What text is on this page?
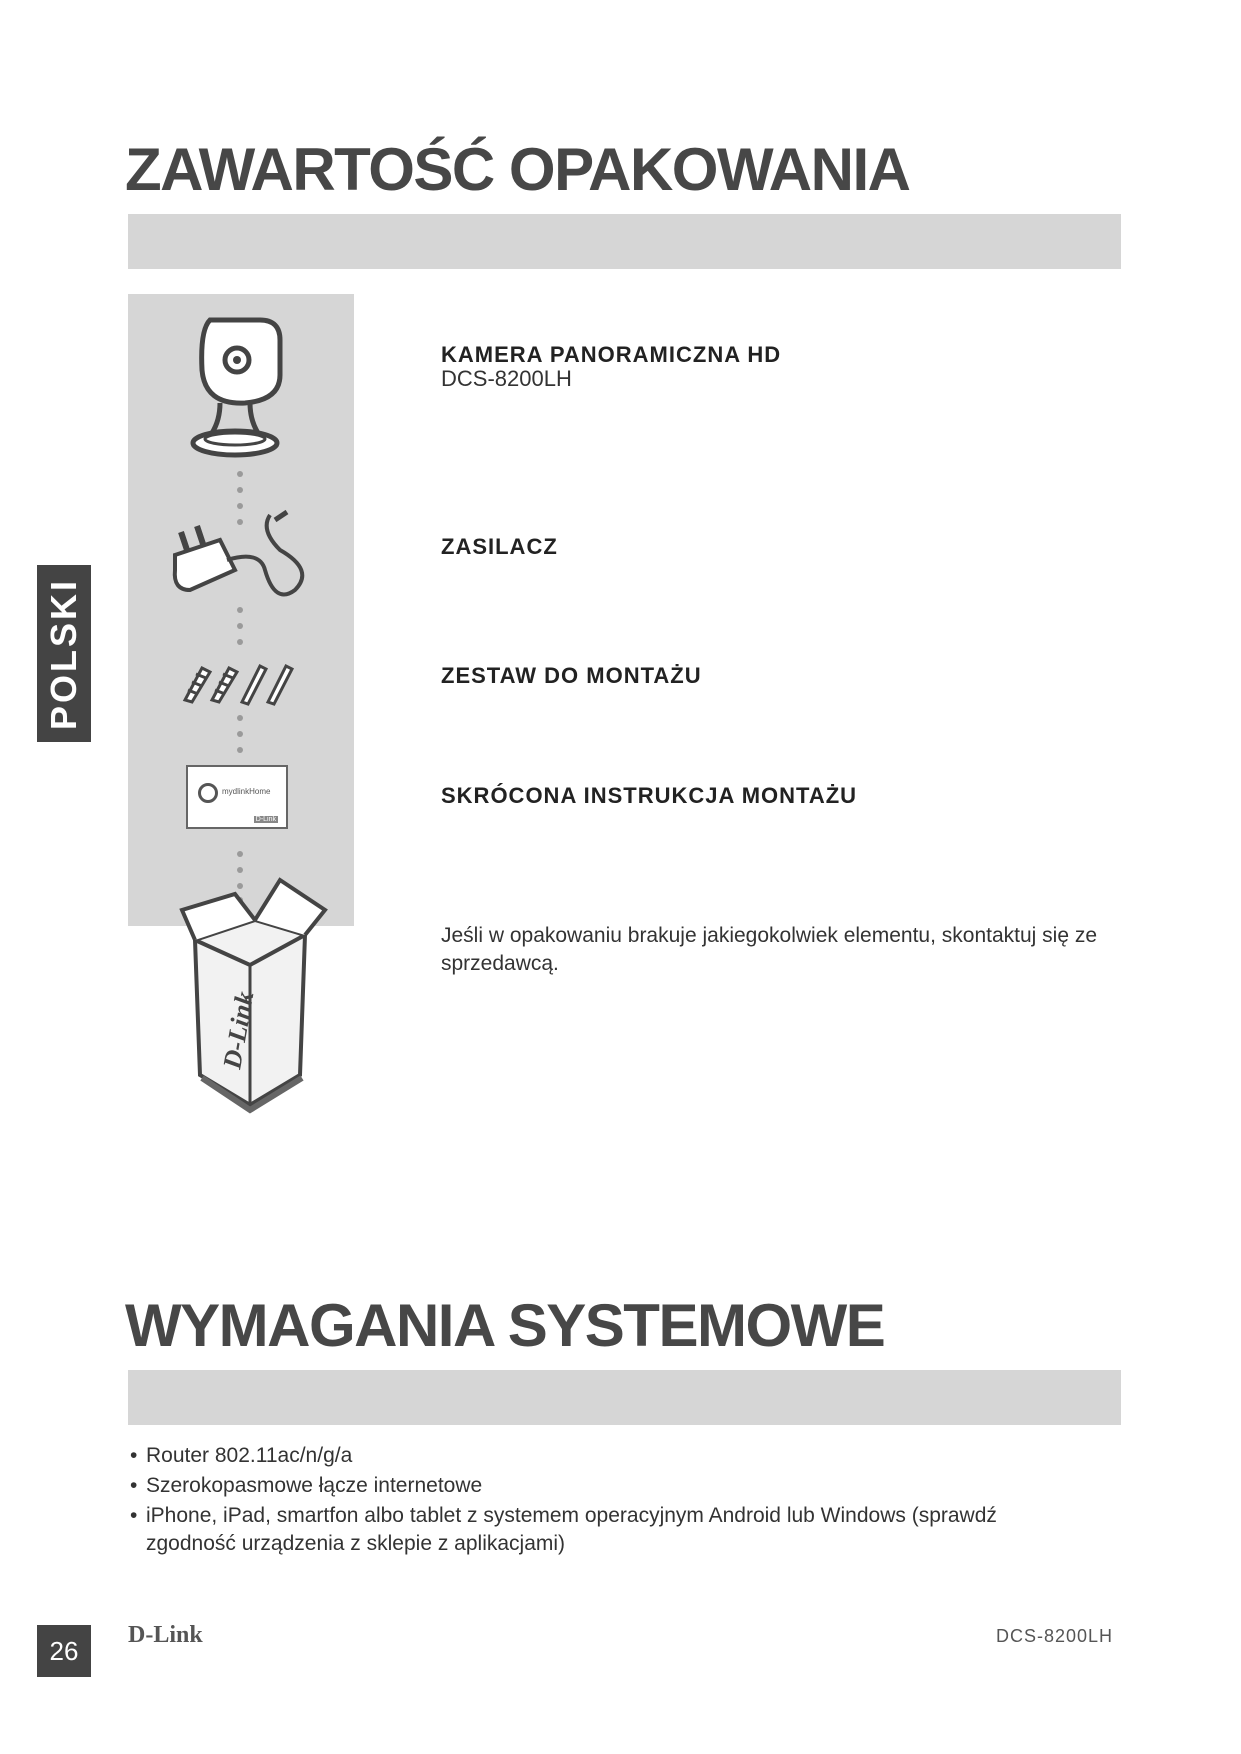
ZAWARTOŚĆ OPAKOWANIA
POLSKI
mydlinkHome
D-Link
D-Link
KAMERA PANORAMICZNA HD
DCS-8200LH
ZASILACZ
ZESTAW DO MONTAŻU
SKRÓCONA INSTRUKCJA MONTAŻU
Jeśli w opakowaniu brakuje jakiegokolwiek elementu, skontaktuj się ze sprzedawcą.
WYMAGANIA SYSTEMOWE
• Router 802.11ac/n/g/a
• Szerokopasmowe łącze internetowe
• iPhone, iPad, smartfon albo tablet z systemem operacyjnym Android lub Windows (sprawdź zgodność urządzenia z sklepie z aplikacjami)
26
D-Link	DCS-8200LH
